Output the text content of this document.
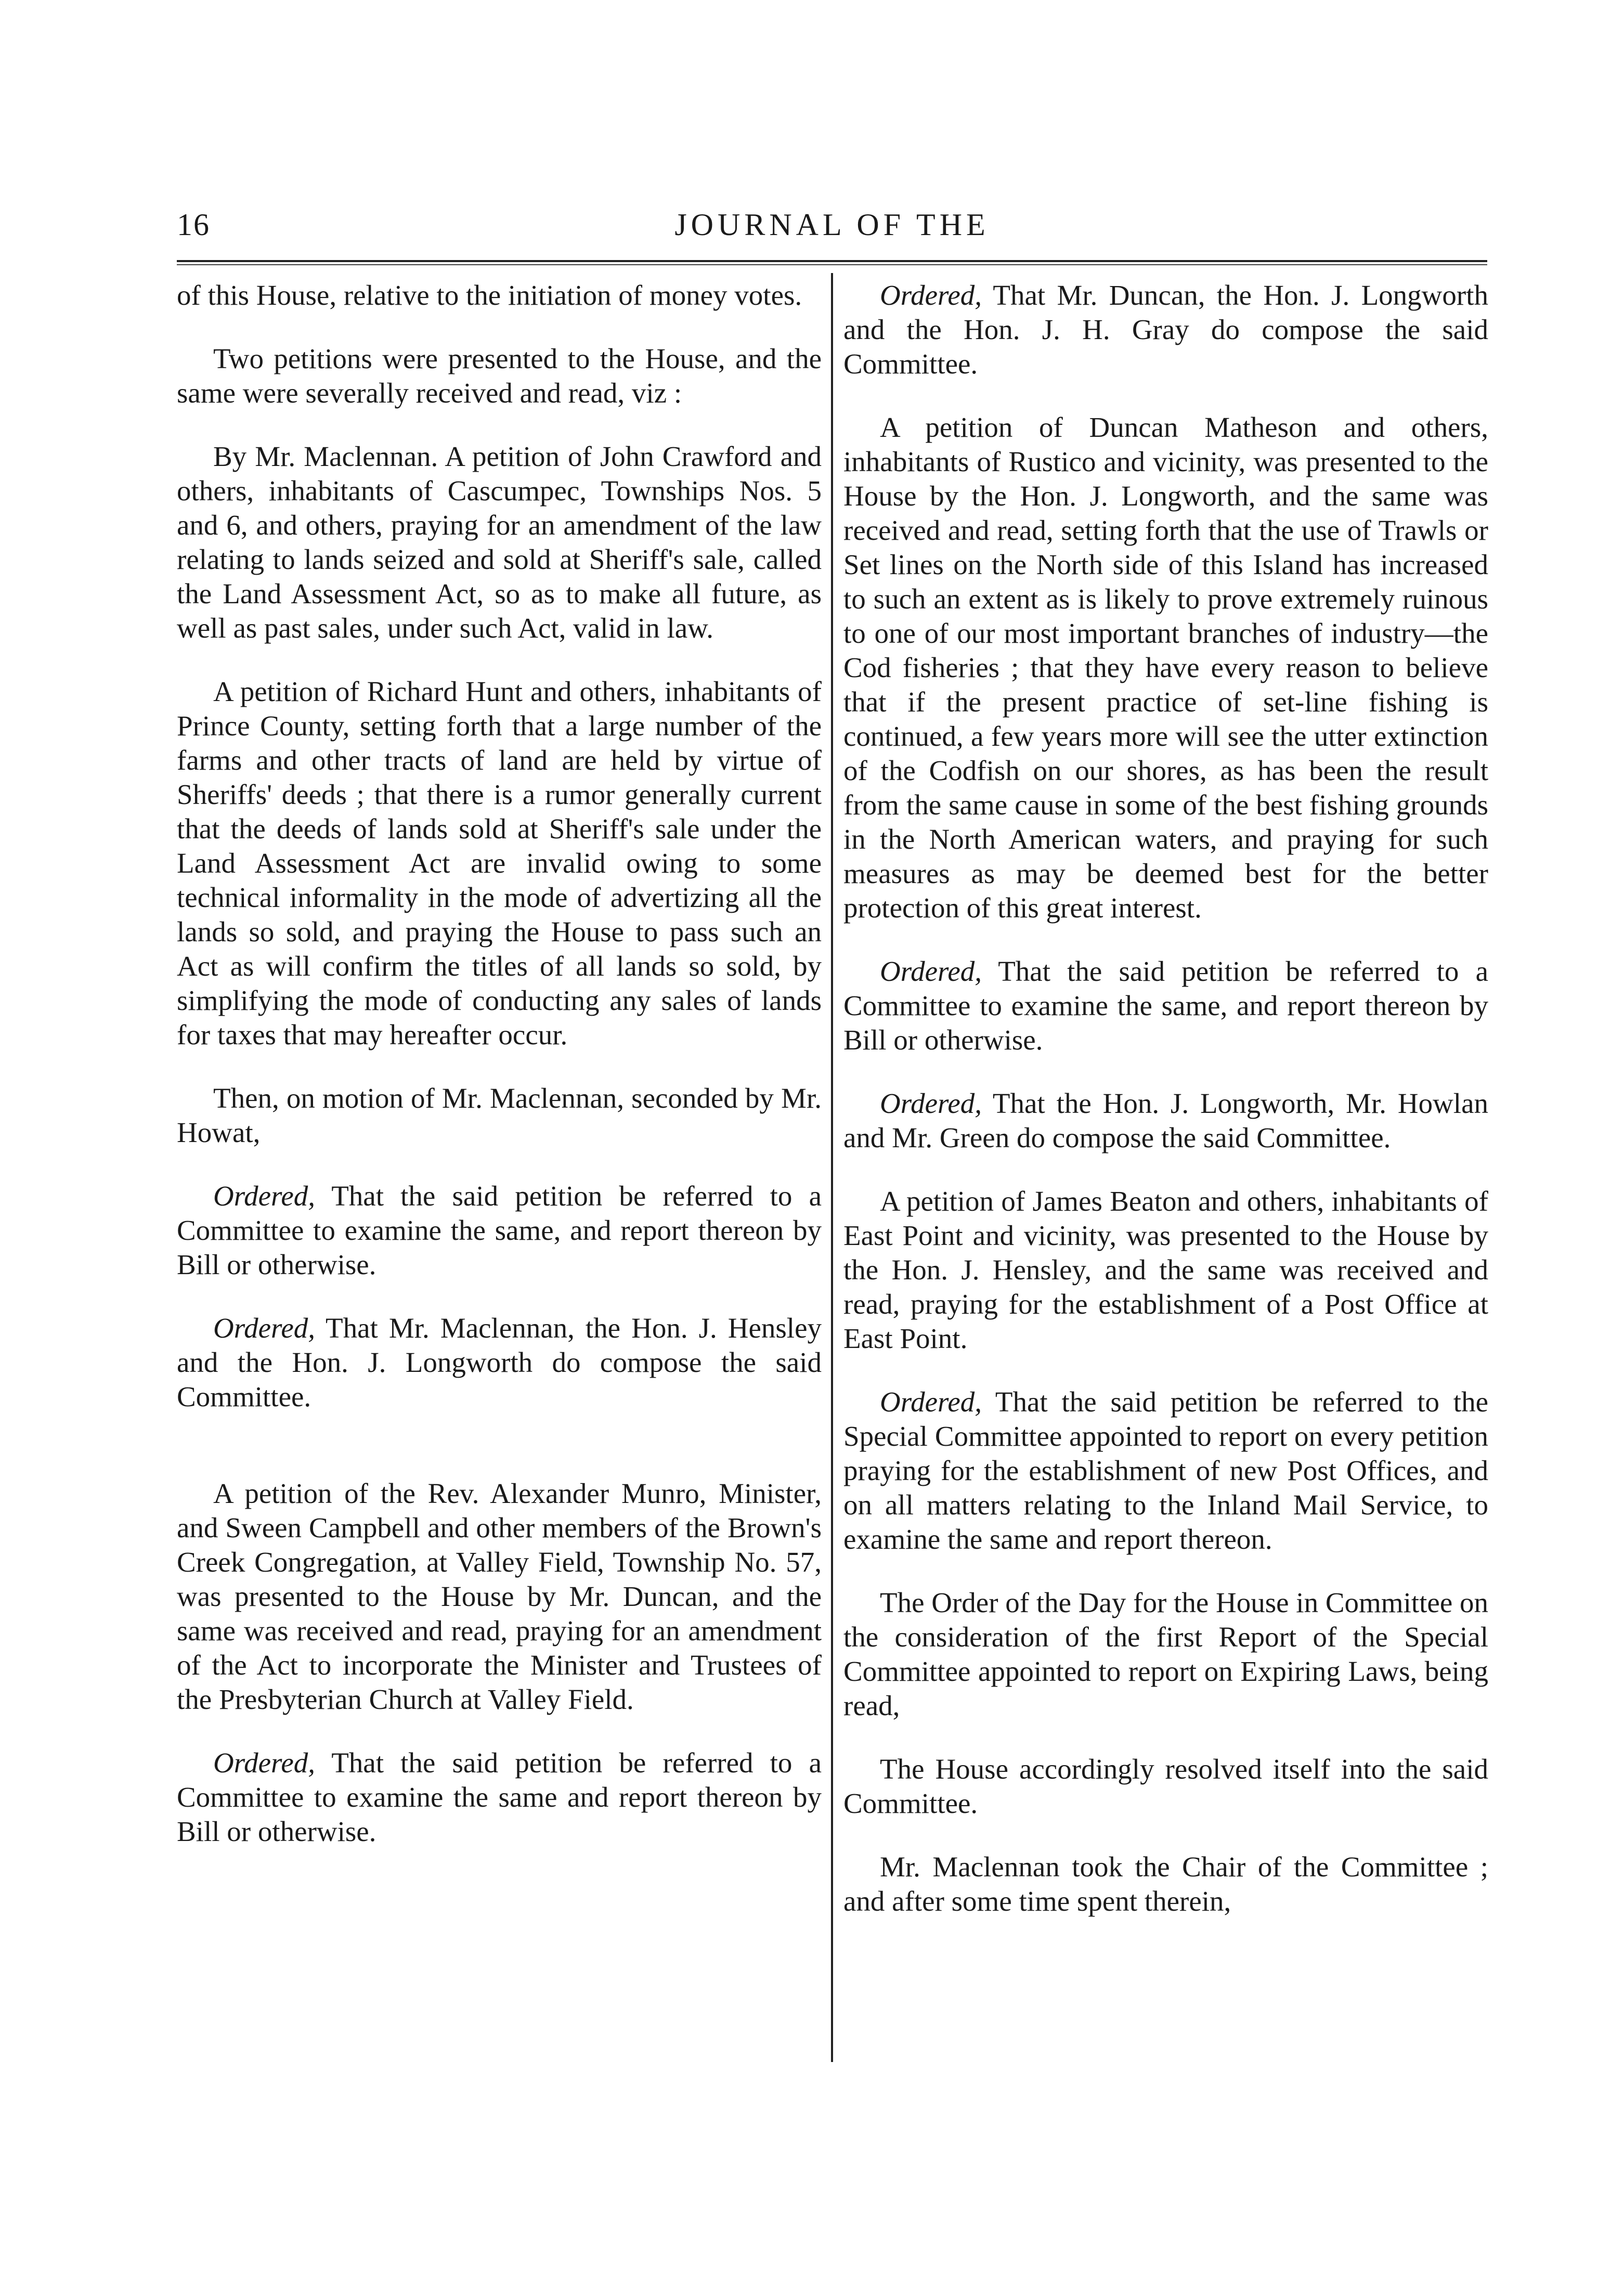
16	JOURNAL OF THE

of this House, relative to the initiation of money votes.

Two petitions were presented to the House, and the same were severally received and read, viz :

By Mr. Maclennan. A petition of John Crawford and others, inhabitants of Cascumpec, Townships Nos. 5 and 6, and others, praying for an amendment of the law relating to lands seized and sold at Sheriff's sale, called the Land Assessment Act, so as to make all future, as well as past sales, under such Act, valid in law.

A petition of Richard Hunt and others, inhabitants of Prince County, setting forth that a large number of the farms and other tracts of land are held by virtue of Sheriffs' deeds ; that there is a rumor generally current that the deeds of lands sold at Sheriff's sale under the Land Assessment Act are invalid owing to some technical informality in the mode of advertizing all the lands so sold, and praying the House to pass such an Act as will confirm the titles of all lands so sold, by simplifying the mode of conducting any sales of lands for taxes that may hereafter occur.

Then, on motion of Mr. Maclennan, seconded by Mr. Howat,

Ordered, That the said petition be referred to a Committee to examine the same, and report thereon by Bill or otherwise.

Ordered, That Mr. Maclennan, the Hon. J. Hensley and the Hon. J. Longworth do compose the said Committee.

A petition of the Rev. Alexander Munro, Minister, and Sween Campbell and other members of the Brown's Creek Congregation, at Valley Field, Township No. 57, was presented to the House by Mr. Duncan, and the same was received and read, praying for an amendment of the Act to incorporate the Minister and Trustees of the Presbyterian Church at Valley Field.

Ordered, That the said petition be referred to a Committee to examine the same and report thereon by Bill or otherwise.

Ordered, That Mr. Duncan, the Hon. J. Longworth and the Hon. J. H. Gray do compose the said Committee.

A petition of Duncan Matheson and others, inhabitants of Rustico and vicinity, was presented to the House by the Hon. J. Longworth, and the same was received and read, setting forth that the use of Trawls or Set lines on the North side of this Island has increased to such an extent as is likely to prove extremely ruinous to one of our most important branches of industry—the Cod fisheries ; that they have every reason to believe that if the present practice of set-line fishing is continued, a few years more will see the utter extinction of the Codfish on our shores, as has been the result from the same cause in some of the best fishing grounds in the North American waters, and praying for such measures as may be deemed best for the better protection of this great interest.

Ordered, That the said petition be referred to a Committee to examine the same, and report thereon by Bill or otherwise.

Ordered, That the Hon. J. Longworth, Mr. Howlan and Mr. Green do compose the said Committee.

A petition of James Beaton and others, inhabitants of East Point and vicinity, was presented to the House by the Hon. J. Hensley, and the same was received and read, praying for the establishment of a Post Office at East Point.

Ordered, That the said petition be referred to the Special Committee appointed to report on every petition praying for the establishment of new Post Offices, and on all matters relating to the Inland Mail Service, to examine the same and report thereon.

The Order of the Day for the House in Committee on the consideration of the first Report of the Special Committee appointed to report on Expiring Laws, being read,

The House accordingly resolved itself into the said Committee.

Mr. Maclennan took the Chair of the Committee ; and after some time spent therein,
